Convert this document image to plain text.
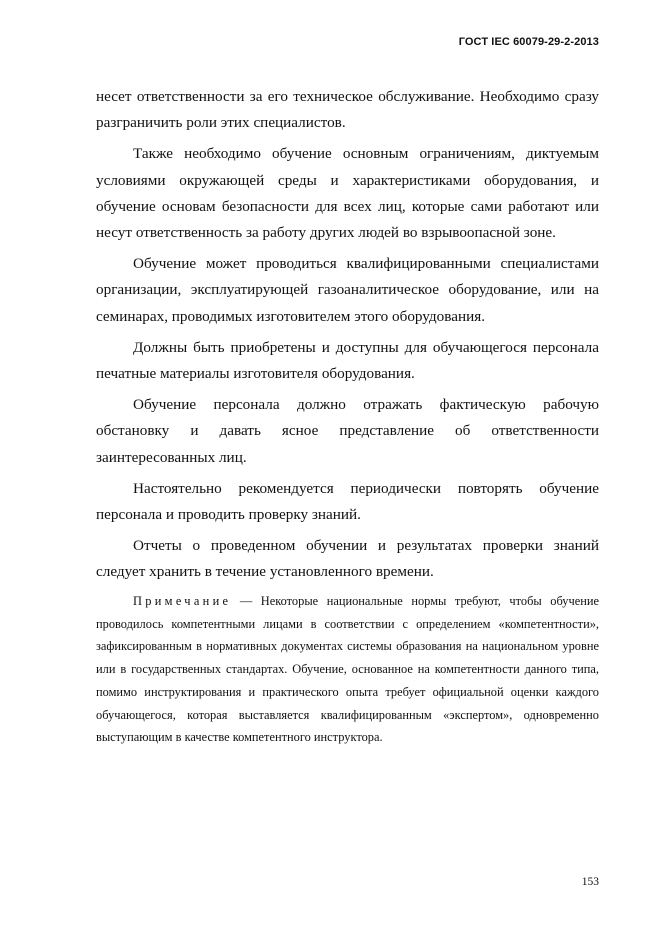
ГОСТ IEC 60079-29-2-2013

несет ответственности за его техническое обслуживание. Необходимо сразу разграничить роли этих специалистов.

Также необходимо обучение основным ограничениям, диктуемым условиями окружающей среды и характеристиками оборудования, и обучение основам безопасности для всех лиц, которые сами работают или несут ответственность за работу других людей во взрывоопасной зоне.

Обучение может проводиться квалифицированными специалистами организации, эксплуатирующей газоаналитическое оборудование, или на семинарах, проводимых изготовителем этого оборудования.

Должны быть приобретены и доступны для обучающегося персонала печатные материалы изготовителя оборудования.

Обучение персонала должно отражать фактическую рабочую обстановку и давать ясное представление об ответственности заинтересованных лиц.

Настоятельно рекомендуется периодически повторять обучение персонала и проводить проверку знаний.

Отчеты о проведенном обучении и результатах проверки знаний следует хранить в течение установленного времени.

Примечание — Некоторые национальные нормы требуют, чтобы обучение проводилось компетентными лицами в соответствии с определением «компетентности», зафиксированным в нормативных документах системы образования на национальном уровне или в государственных стандартах. Обучение, основанное на компетентности данного типа, помимо инструктирования и практического опыта требует официальной оценки каждого обучающегося, которая выставляется квалифицированным «экспертом», одновременно выступающим в качестве компетентного инструктора.
153
